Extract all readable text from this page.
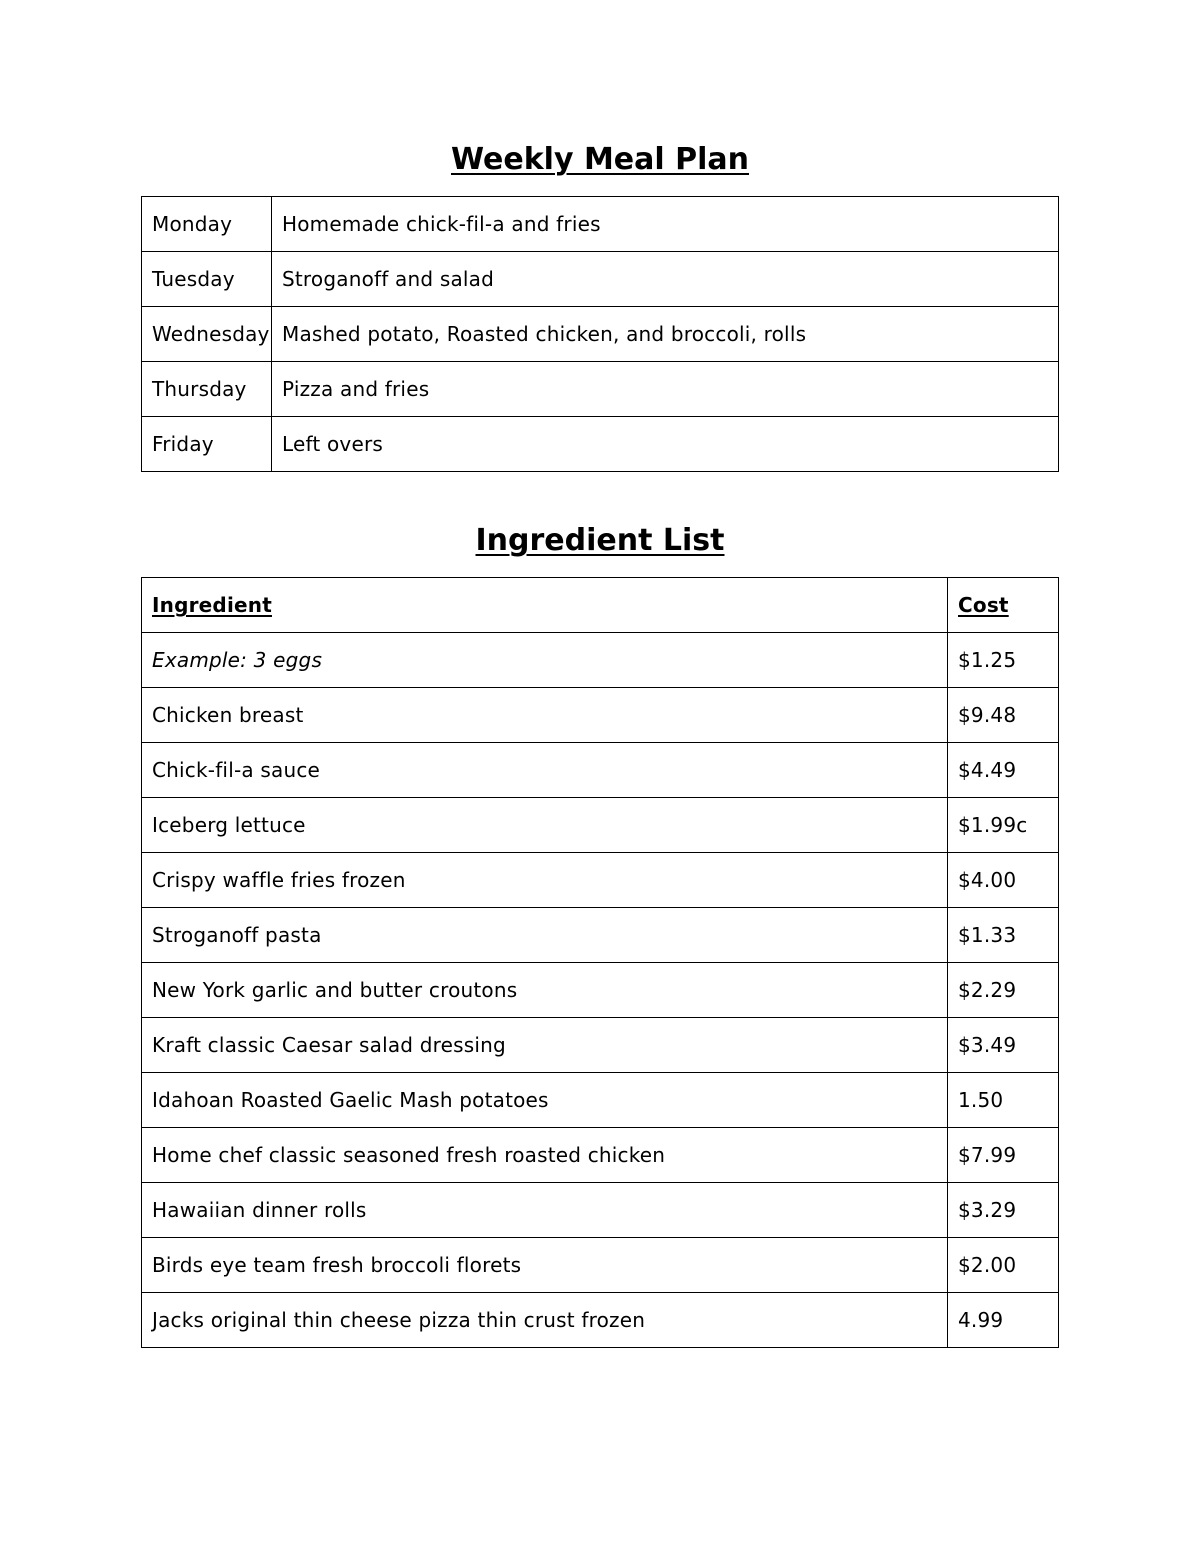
Weekly Meal Plan
Monday	Homemade chick-fil-a and fries
Tuesday	Stroganoff and salad
Wednesday	Mashed potato, Roasted chicken, and broccoli, rolls
Thursday	Pizza and fries
Friday	Left overs
Ingredient List
Ingredient	Cost
Example: 3 eggs	$1.25
Chicken breast	$9.48
Chick-fil-a sauce	$4.49
Iceberg lettuce	$1.99c
Crispy waffle fries frozen	$4.00
Stroganoff pasta	$1.33
New York garlic and butter croutons	$2.29
Kraft classic Caesar salad dressing	$3.49
Idahoan Roasted Gaelic Mash potatoes	1.50
Home chef classic seasoned fresh roasted chicken	$7.99
Hawaiian dinner rolls	$3.29
Birds eye team fresh broccoli florets	$2.00
Jacks original thin cheese pizza thin crust frozen	4.99
